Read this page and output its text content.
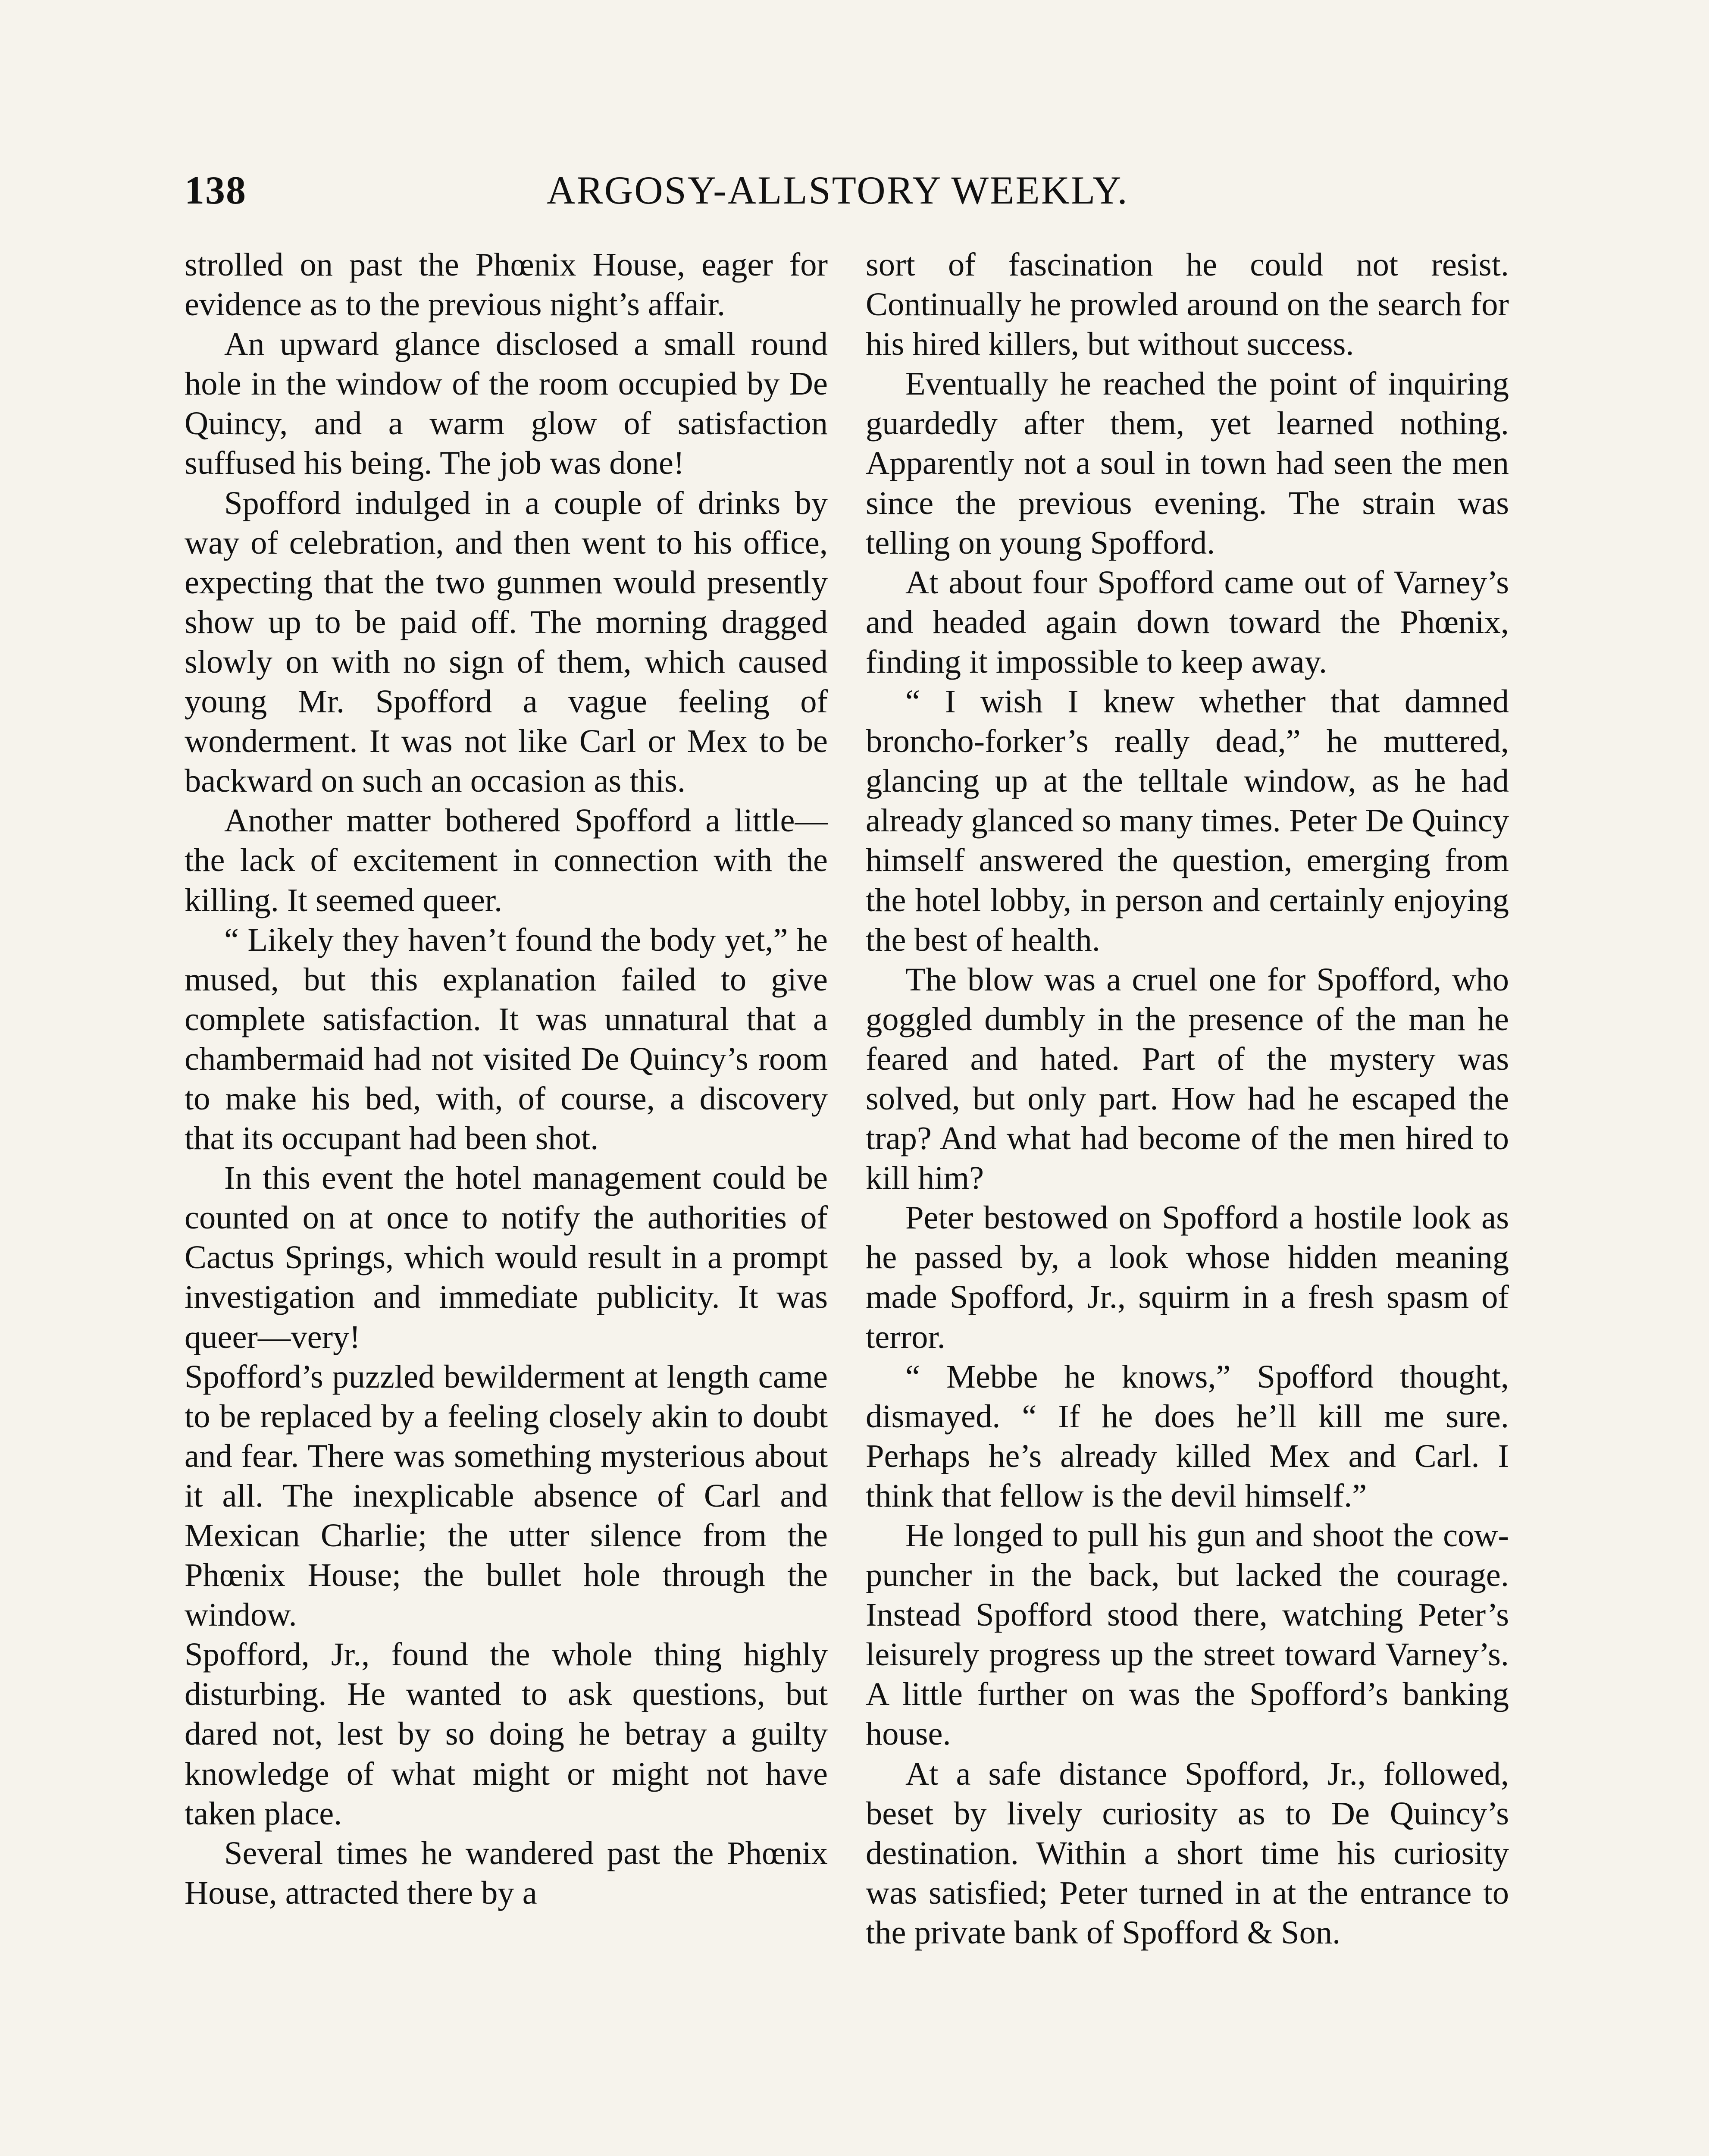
138	ARGOSY-ALLSTORY WEEKLY.

strolled on past the Phœnix House, eager for evidence as to the previous night’s affair.

An upward glance disclosed a small round hole in the window of the room occupied by De Quincy, and a warm glow of satisfaction suffused his being. The job was done!

Spofford indulged in a couple of drinks by way of celebration, and then went to his office, expecting that the two gunmen would presently show up to be paid off. The morning dragged slowly on with no sign of them, which caused young Mr. Spofford a vague feeling of wonderment. It was not like Carl or Mex to be backward on such an occasion as this.

Another matter bothered Spofford a little—the lack of excitement in connection with the killing. It seemed queer.

“ Likely they haven’t found the body yet,” he mused, but this explanation failed to give complete satisfaction. It was unnatural that a chambermaid had not visited De Quincy’s room to make his bed, with, of course, a discovery that its occupant had been shot.

In this event the hotel management could be counted on at once to notify the authorities of Cactus Springs, which would result in a prompt investigation and immediate publicity. It was queer—very!

Spofford’s puzzled bewilderment at length came to be replaced by a feeling closely akin to doubt and fear. There was something mysterious about it all. The inexplicable absence of Carl and Mexican Charlie; the utter silence from the Phœnix House; the bullet hole through the window.

Spofford, Jr., found the whole thing highly disturbing. He wanted to ask questions, but dared not, lest by so doing he betray a guilty knowledge of what might or might not have taken place.

Several times he wandered past the Phœnix House, attracted there by a

sort of fascination he could not resist. Continually he prowled around on the search for his hired killers, but without success.

Eventually he reached the point of inquiring guardedly after them, yet learned nothing. Apparently not a soul in town had seen the men since the previous evening. The strain was telling on young Spofford.

At about four Spofford came out of Varney’s and headed again down toward the Phœnix, finding it impossible to keep away.

“ I wish I knew whether that damned broncho-forker’s really dead,” he muttered, glancing up at the telltale window, as he had already glanced so many times. Peter De Quincy himself answered the question, emerging from the hotel lobby, in person and certainly enjoying the best of health.

The blow was a cruel one for Spofford, who goggled dumbly in the presence of the man he feared and hated. Part of the mystery was solved, but only part. How had he escaped the trap? And what had become of the men hired to kill him?

Peter bestowed on Spofford a hostile look as he passed by, a look whose hidden meaning made Spofford, Jr., squirm in a fresh spasm of terror.

“ Mebbe he knows,” Spofford thought, dismayed. “ If he does he’ll kill me sure. Perhaps he’s already killed Mex and Carl. I think that fellow is the devil himself.”

He longed to pull his gun and shoot the cow-puncher in the back, but lacked the courage. Instead Spofford stood there, watching Peter’s leisurely progress up the street toward Varney’s. A little further on was the Spofford’s banking house.

At a safe distance Spofford, Jr., followed, beset by lively curiosity as to De Quincy’s destination. Within a short time his curiosity was satisfied; Peter turned in at the entrance to the private bank of Spofford & Son.
